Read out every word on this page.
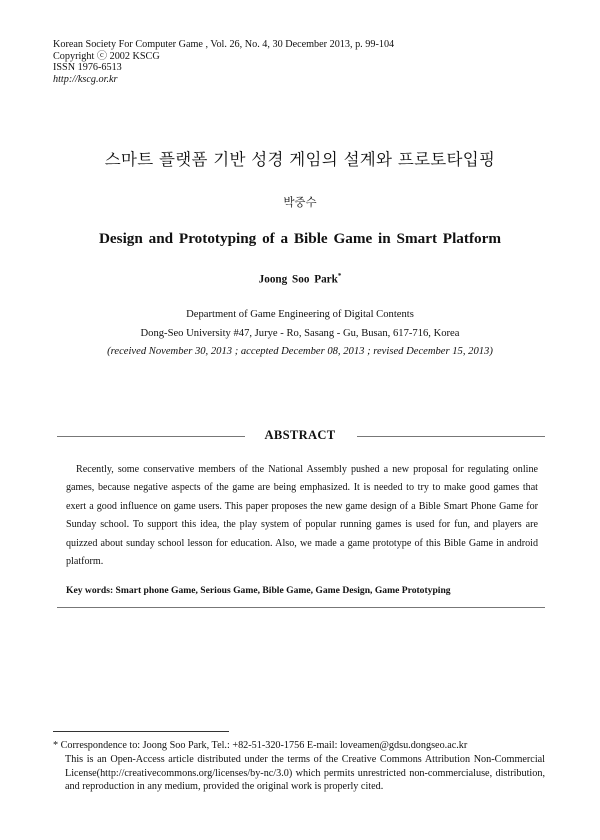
Korean Society For Computer Game , Vol. 26, No. 4, 30 December 2013, p. 99-104
Copyright ⓒ 2002 KSCG
ISSN 1976-6513
http://kscg.or.kr
스마트 플랫폼 기반 성경 게임의 설계와 프로토타입핑
박중수
Design and Prototyping of a Bible Game in Smart Platform
Joong Soo Park*
Department of Game Engineering of Digital Contents
Dong-Seo University #47, Jurye - Ro, Sasang - Gu, Busan, 617-716, Korea
(received November 30, 2013 ; accepted December 08, 2013 ; revised December 15, 2013)
ABSTRACT

Recently, some conservative members of the National Assembly pushed a new proposal for regulating online games, because negative aspects of the game are being emphasized. It is needed to try to make good games that exert a good influence on game users. This paper proposes the new game design of a Bible Smart Phone Game for Sunday school. To support this idea, the play system of popular running games is used for fun, and players are quizzed about sunday school lesson for education. Also, we made a game prototype of this Bible Game in android platform.

Key words: Smart phone Game, Serious Game, Bible Game, Game Design, Game Prototyping
* Correspondence to: Joong Soo Park, Tel.: +82-51-320-1756 E-mail: loveamen@gdsu.dongseo.ac.kr
This is an Open-Access article distributed under the terms of the Creative Commons Attribution Non-Commercial License(http://creativecommons.org/licenses/by-nc/3.0) which permits unrestricted non-commercialuse, distribution, and reproduction in any medium, provided the original work is properly cited.
